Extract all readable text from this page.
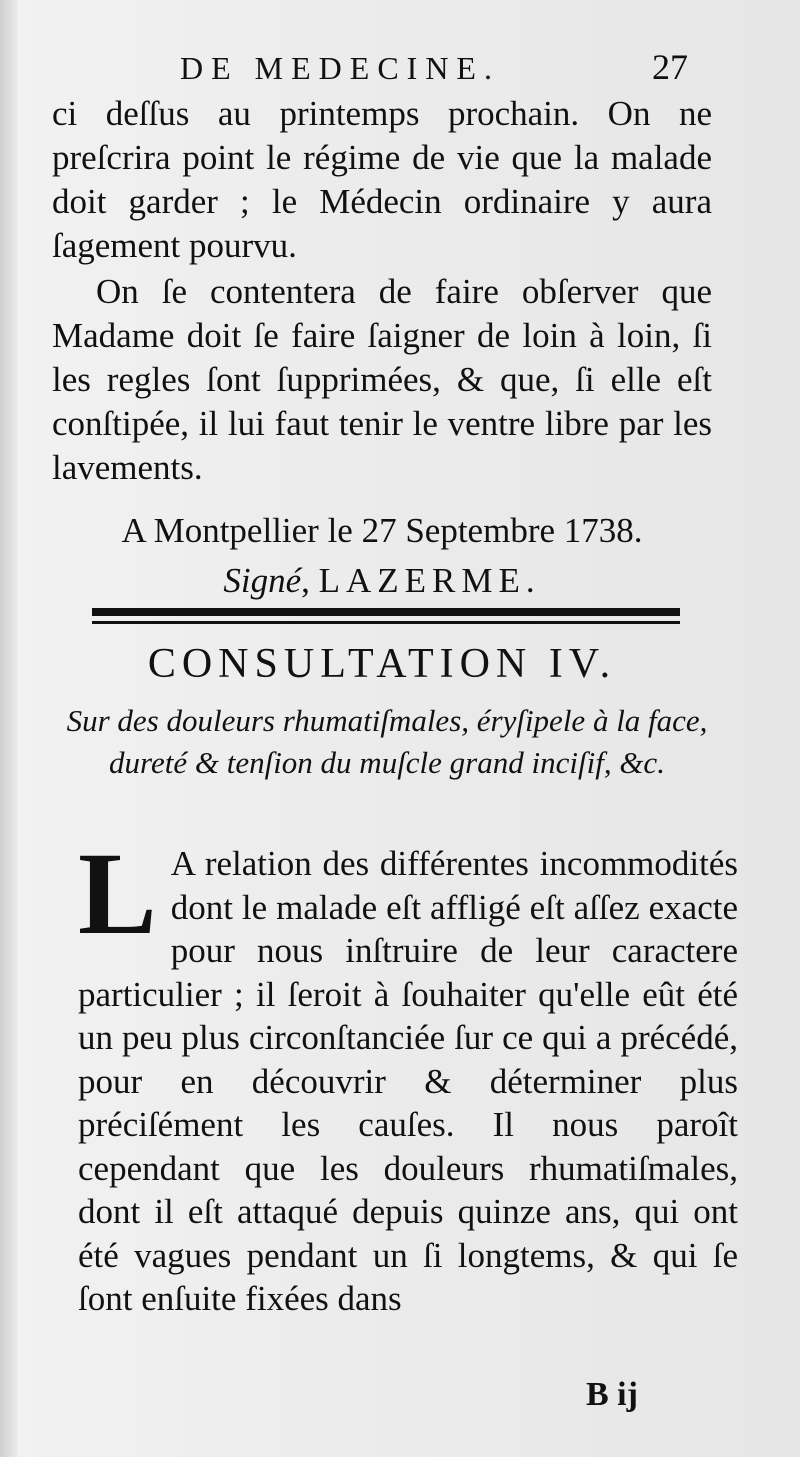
DE MEDECINE.	27

ci deſſus au printemps prochain. On ne preſcrira point le régime de vie que la malade doit garder ; le Médecin ordinaire y aura ſagement pourvu.

On ſe contentera de faire obſerver que Madame doit ſe faire ſaigner de loin à loin, ſi les regles ſont ſupprimées, & que, ſi elle eſt conſtipée, il lui faut tenir le ventre libre par les lavements.

A Montpellier le 27 Septembre 1738.
Signé, LAZERME.
CONSULTATION IV.
Sur des douleurs rhumatiſmales, éryſipele à la face, dureté & tenſion du muſcle grand inciſif, &c.
L A relation des différentes incommodités dont le malade eſt affligé eſt aſſez exacte pour nous inſtruire de leur caractere particulier ; il ſeroit à ſouhaiter qu'elle eût été un peu plus circonſtanciée ſur ce qui a précédé, pour en découvrir & déterminer plus préciſément les cauſes. Il nous paroît cependant que les douleurs rhumatiſmales, dont il eſt attaqué depuis quinze ans, qui ont été vagues pendant un ſi longtems, & qui ſe ſont enſuite fixées dans
B ij
